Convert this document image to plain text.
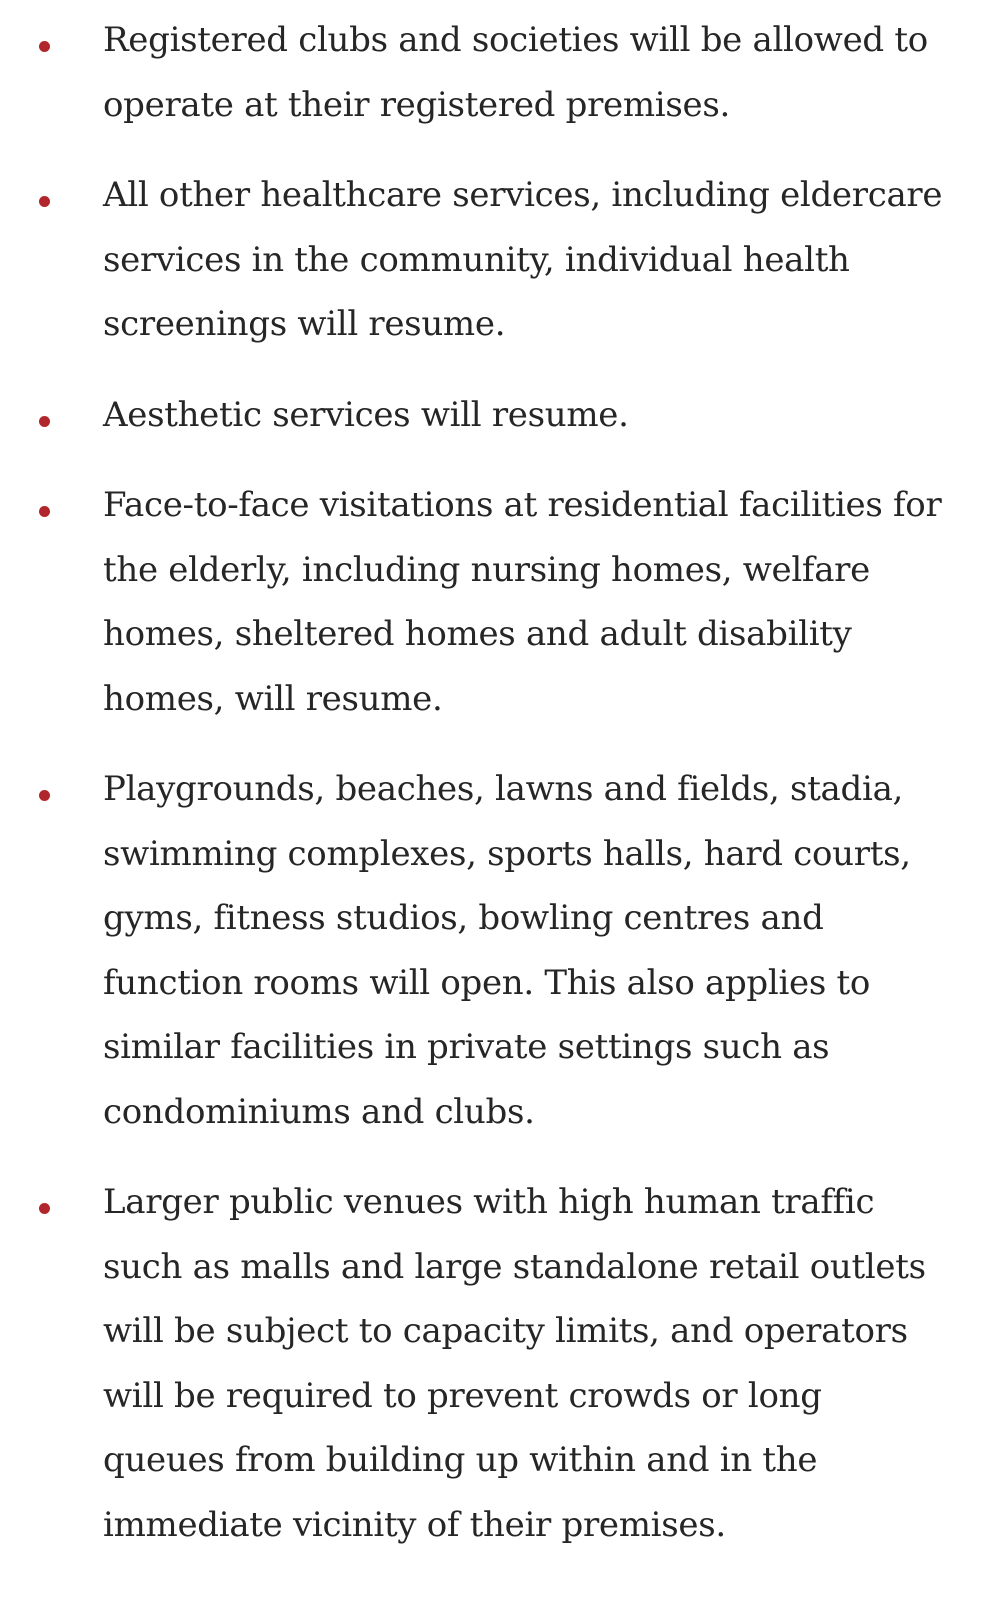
Registered clubs and societies will be allowed to operate at their registered premises.
All other healthcare services, including eldercare services in the community, individual health screenings will resume.
Aesthetic services will resume.
Face-to-face visitations at residential facilities for the elderly, including nursing homes, welfare homes, sheltered homes and adult disability homes, will resume.
Playgrounds, beaches, lawns and fields, stadia, swimming complexes, sports halls, hard courts, gyms, fitness studios, bowling centres and function rooms will open. This also applies to similar facilities in private settings such as condominiums and clubs.
Larger public venues with high human traffic such as malls and large standalone retail outlets will be subject to capacity limits, and operators will be required to prevent crowds or long queues from building up within and in the immediate vicinity of their premises.
